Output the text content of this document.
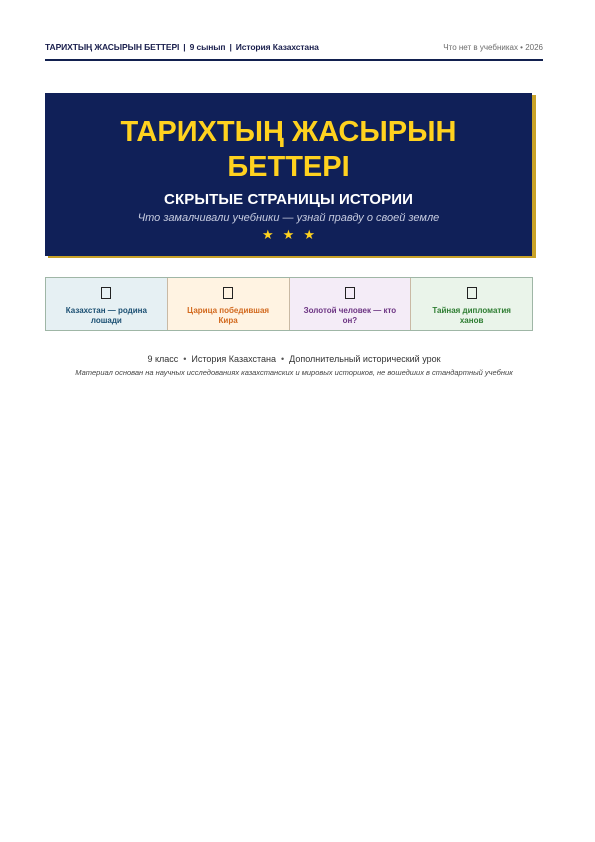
ТАРИХТЫҢ ЖАСЫРЫН БЕТТЕРІ | 9 сынып | История Казахстана	Что нет в учебниках • 2026
ТАРИХТЫҢ ЖАСЫРЫН БЕТТЕРІ
СКРЫТЫЕ СТРАНИЦЫ ИСТОРИИ
Что замалчивали учебники — узнай правду о своей земле
★★★
Казахстан — родина лошади
Царица победившая Кира
Золотой человек — кто он?
Тайная дипломатия ханов
9 класс • История Казахстана • Дополнительный исторический урок
Материал основан на научных исследованиях казахстанских и мировых историков, не вошедших в стандартный учебник
